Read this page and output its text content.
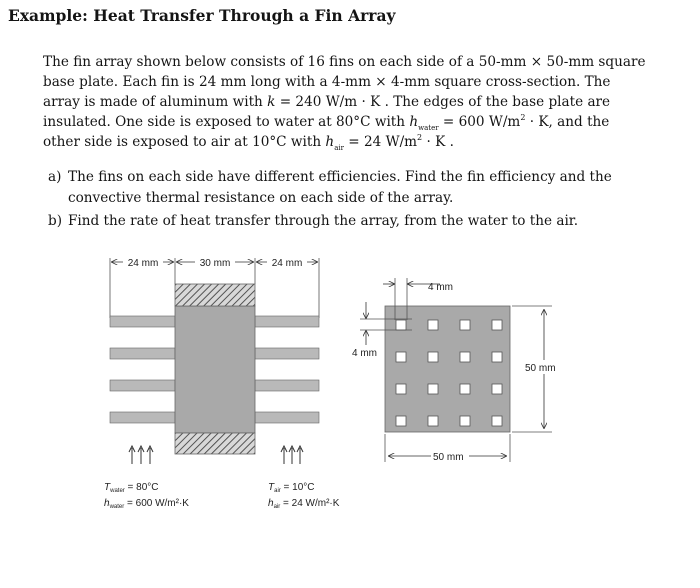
Example: Heat Transfer Through a Fin Array
The fin array shown below consists of 16 fins on each side of a 50-mm × 50-mm square
base plate. Each fin is 24 mm long with a 4-mm × 4-mm square cross-section. The
array is made of aluminum with k = 240 W/m · K . The edges of the base plate are
insulated. One side is exposed to water at 80°C with $h_{water} = 600$ $W/m^2 \cdot K$, and the
other side is exposed to air at 10°C with $h_{air} = 24$ $W/m^2 \cdot K$ .
a) The fins on each side have different efficiencies. Find the fin efficiency and the
convective thermal resistance on each side of the array.
b) Find the rate of heat transfer through the array, from the water to the air.
24 mm	30 mm	24 mm
$T_{water} = 80^\circ C$
$h_{water} = 600$ W/m²·K
$T_{air} = 10^\circ C$
$h_{air} = 24$ W/m²·K
4 mm
4 mm
50 mm
50 mm
